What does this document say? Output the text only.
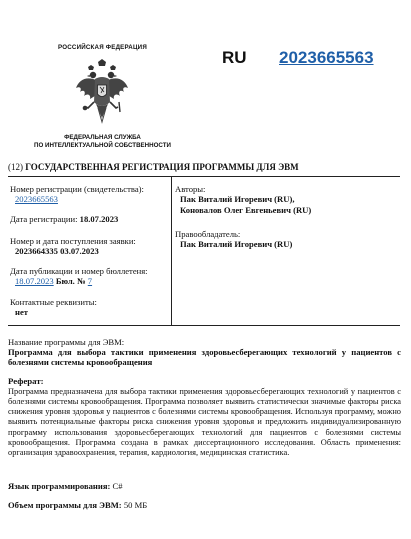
РОССИЙСКАЯ ФЕДЕРАЦИЯ
ФЕДЕРАЛЬНАЯ СЛУЖБА
ПО ИНТЕЛЛЕКТУАЛЬНОЙ СОБСТВЕННОСТИ
RU 2023665563
(12) ГОСУДАРСТВЕННАЯ РЕГИСТРАЦИЯ ПРОГРАММЫ ДЛЯ ЭВМ
Номер регистрации (свидетельства):
2023665563
Дата регистрации: 18.07.2023
Номер и дата поступления заявки:
2023664335 03.07.2023
Дата публикации и номер бюллетеня:
18.07.2023 Бюл. № 7
Контактные реквизиты:
нет
Авторы:
Пак Виталий Игоревич (RU),
Коновалов Олег Евгеньевич (RU)
Правообладатель:
Пак Виталий Игоревич (RU)
Название программы для ЭВМ:
Программа для выбора тактики применения здоровьесберегающих технологий у пациентов с болезнями системы кровообращения
Реферат:
Программа предназначена для выбора тактики применения здоровьесберегающих технологий у пациентов с болезнями системы кровообращения. Программа позволяет выявить статистически значимые факторы риска снижения уровня здоровья у пациентов с болезнями системы кровообращения. Используя программу, можно выявить потенциальные факторы риска снижения уровня здоровья и предложить индивидуализированную программу использования здоровьесберегающих технологий для пациентов с болезнями системы кровообращения. Программа создана в рамках диссертационного исследования. Область применения: организация здравоохранения, терапия, кардиология, медицинская статистика.
Язык программирования: C#
Объем программы для ЭВМ: 50 МБ
